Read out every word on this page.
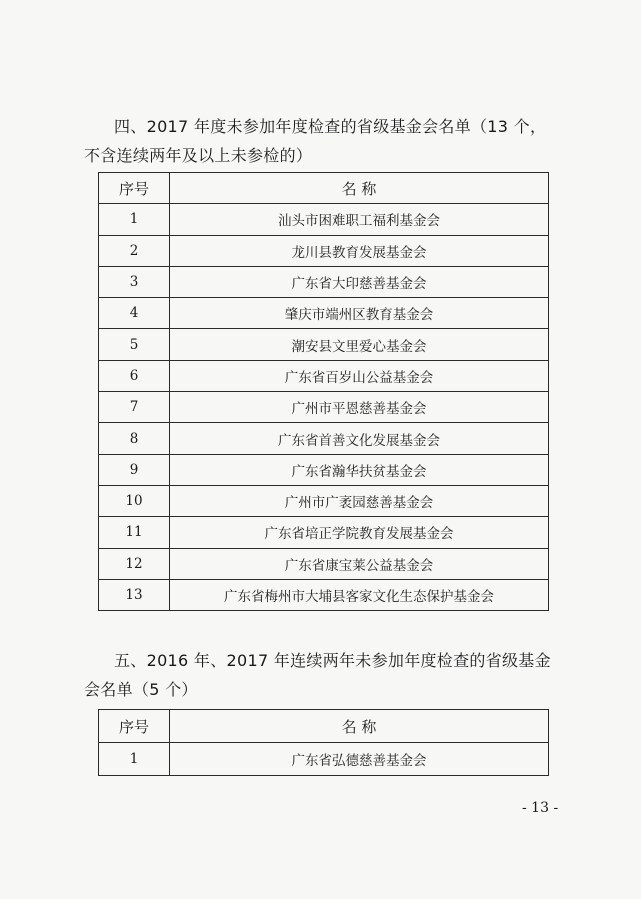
四、2017 年度未参加年度检查的省级基金会名单（13 个，
不含连续两年及以上未参检的）

序号	名 称
1	汕头市困难职工福利基金会
2	龙川县教育发展基金会
3	广东省大印慈善基金会
4	肇庆市端州区教育基金会
5	潮安县文里爱心基金会
6	广东省百岁山公益基金会
7	广州市平恩慈善基金会
8	广东省首善文化发展基金会
9	广东省瀚华扶贫基金会
10	广州市广袤园慈善基金会
11	广东省培正学院教育发展基金会
12	广东省康宝莱公益基金会
13	广东省梅州市大埔县客家文化生态保护基金会

五、2016 年、2017 年连续两年未参加年度检查的省级基金
会名单（5 个）

序号	名 称
1	广东省弘德慈善基金会
- 13 -
